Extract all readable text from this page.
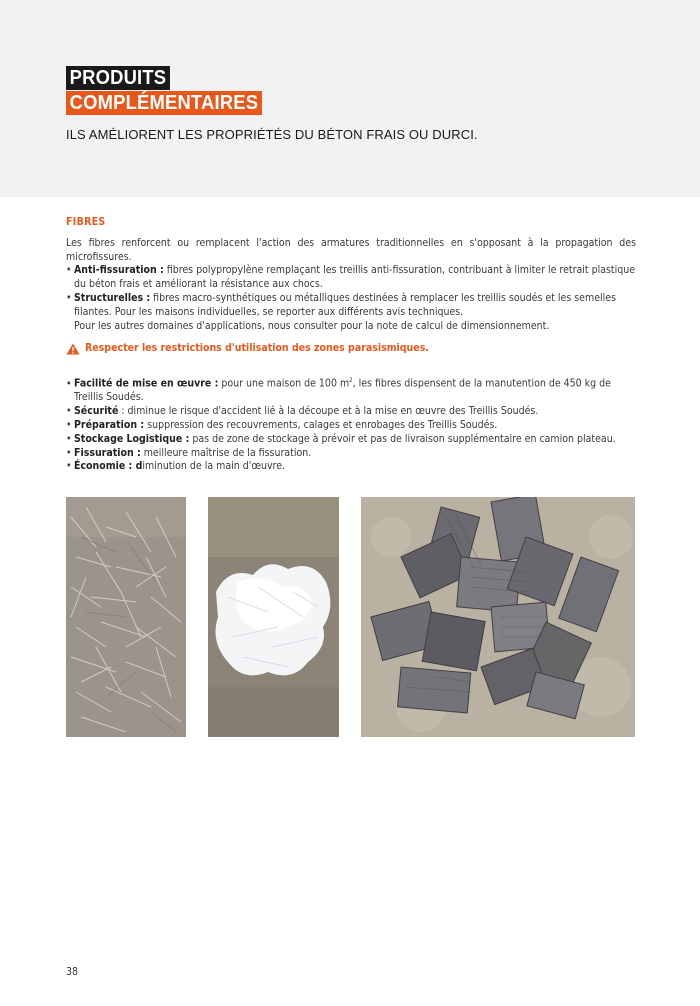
PRODUITS
COMPLÉMENTAIRES
ILS AMÉLIORENT LES PROPRIÉTÉS DU BÉTON FRAIS OU DURCI.
FIBRES

Les fibres renforcent ou remplacent l'action des armatures traditionnelles en s'opposant à la propagation des microfissures.

• Anti-fissuration : fibres polypropylène remplaçant les treillis anti-fissuration, contribuant à limiter le retrait plastique du béton frais et améliorant la résistance aux chocs.
• Structurelles : fibres macro-synthétiques ou métalliques destinées à remplacer les treillis soudés et les semelles filantes. Pour les maisons individuelles, se reporter aux différents avis techniques.
Pour les autres domaines d'applications, nous consulter pour la note de calcul de dimensionnement.
Respecter les restrictions d'utilisation des zones parasismiques.
• Facilité de mise en œuvre : pour une maison de 100 $m^2$, les fibres dispensent de la manutention de 450 kg de Treillis Soudés.
• Sécurité : diminue le risque d'accident lié à la découpe et à la mise en œuvre des Treillis Soudés.
• Préparation : suppression des recouvrements, calages et enrobages des Treillis Soudés.
• Stockage Logistique : pas de zone de stockage à prévoir et pas de livraison supplémentaire en camion plateau.
• Fissuration : meilleure maîtrise de la fissuration.
• Économie : diminution de la main d'œuvre.
38
